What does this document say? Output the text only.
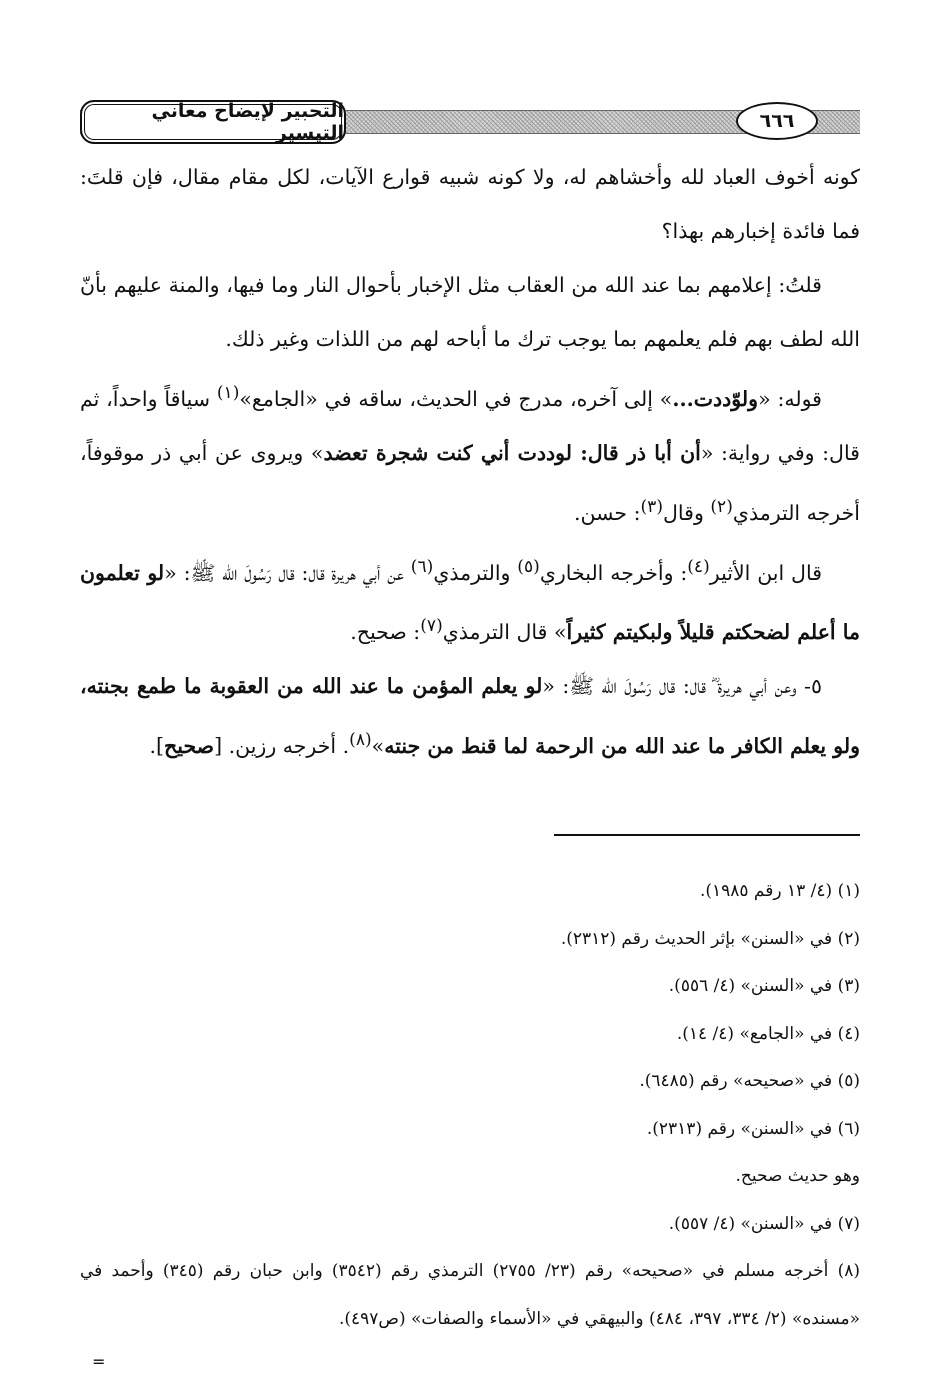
التحبير لإيضاح معاني التيسير
٦٦٦

كونه أخوف العباد لله وأخشاهم له، ولا كونه شبيه قوارع الآيات، لكل مقام مقال، فإن قلتَ: فما فائدة إخبارهم بهذا؟

قلتُ: إعلامهم بما عند الله من العقاب مثل الإخبار بأحوال النار وما فيها، والمنة عليهم بأنّ الله لطف بهم فلم يعلمهم بما يوجب ترك ما أباحه لهم من اللذات وغير ذلك.

قوله: «ولوّددت...» إلى آخره، مدرج في الحديث، ساقه في «الجامع»$^{(١)}$ سياقاً واحداً، ثم قال: وفي رواية: «أن أبا ذر قال: لوددت أني كنت شجرة تعضد» ويروى عن أبي ذر موقوفاً، أخرجه الترمذي$^{(٢)}$ وقال$^{(٣)}$: حسن.

قال ابن الأثير$^{(٤)}$: وأخرجه البخاري$^{(٥)}$ والترمذي$^{(٦)}$ عن أبي هريرة قال: قال رَسُولَ الله ﷺ: «لو تعلمون ما أعلم لضحكتم قليلاً ولبكيتم كثيراً» قال الترمذي$^{(٧)}$: صحيح.

٥- وعن أبي هريرة ؓ قال: قال رَسُولَ الله ﷺ: «لو يعلم المؤمن ما عند الله من العقوبة ما طمع بجنته، ولو يعلم الكافر ما عند الله من الرحمة لما قنط من جنته»$^{(٨)}$. أخرجه رزين. [صحيح].

(١) (٤/ ١٣ رقم ١٩٨٥).

(٢) في «السنن» بإثر الحديث رقم (٢٣١٢).

(٣) في «السنن» (٤/ ٥٥٦).

(٤) في «الجامع» (٤/ ١٤).

(٥) في «صحيحه» رقم (٦٤٨٥).

(٦) في «السنن» رقم (٢٣١٣).

وهو حديث صحيح.

(٧) في «السنن» (٤/ ٥٥٧).

(٨) أخرجه مسلم في «صحيحه» رقم (٢٣/ ٢٧٥٥) الترمذي رقم (٣٥٤٢) وابن حبان رقم (٣٤٥) وأحمد في «مسنده» (٢/ ٣٣٤، ٣٩٧، ٤٨٤) والبيهقي في «الأسماء والصفات» (ص٤٩٧).

=
